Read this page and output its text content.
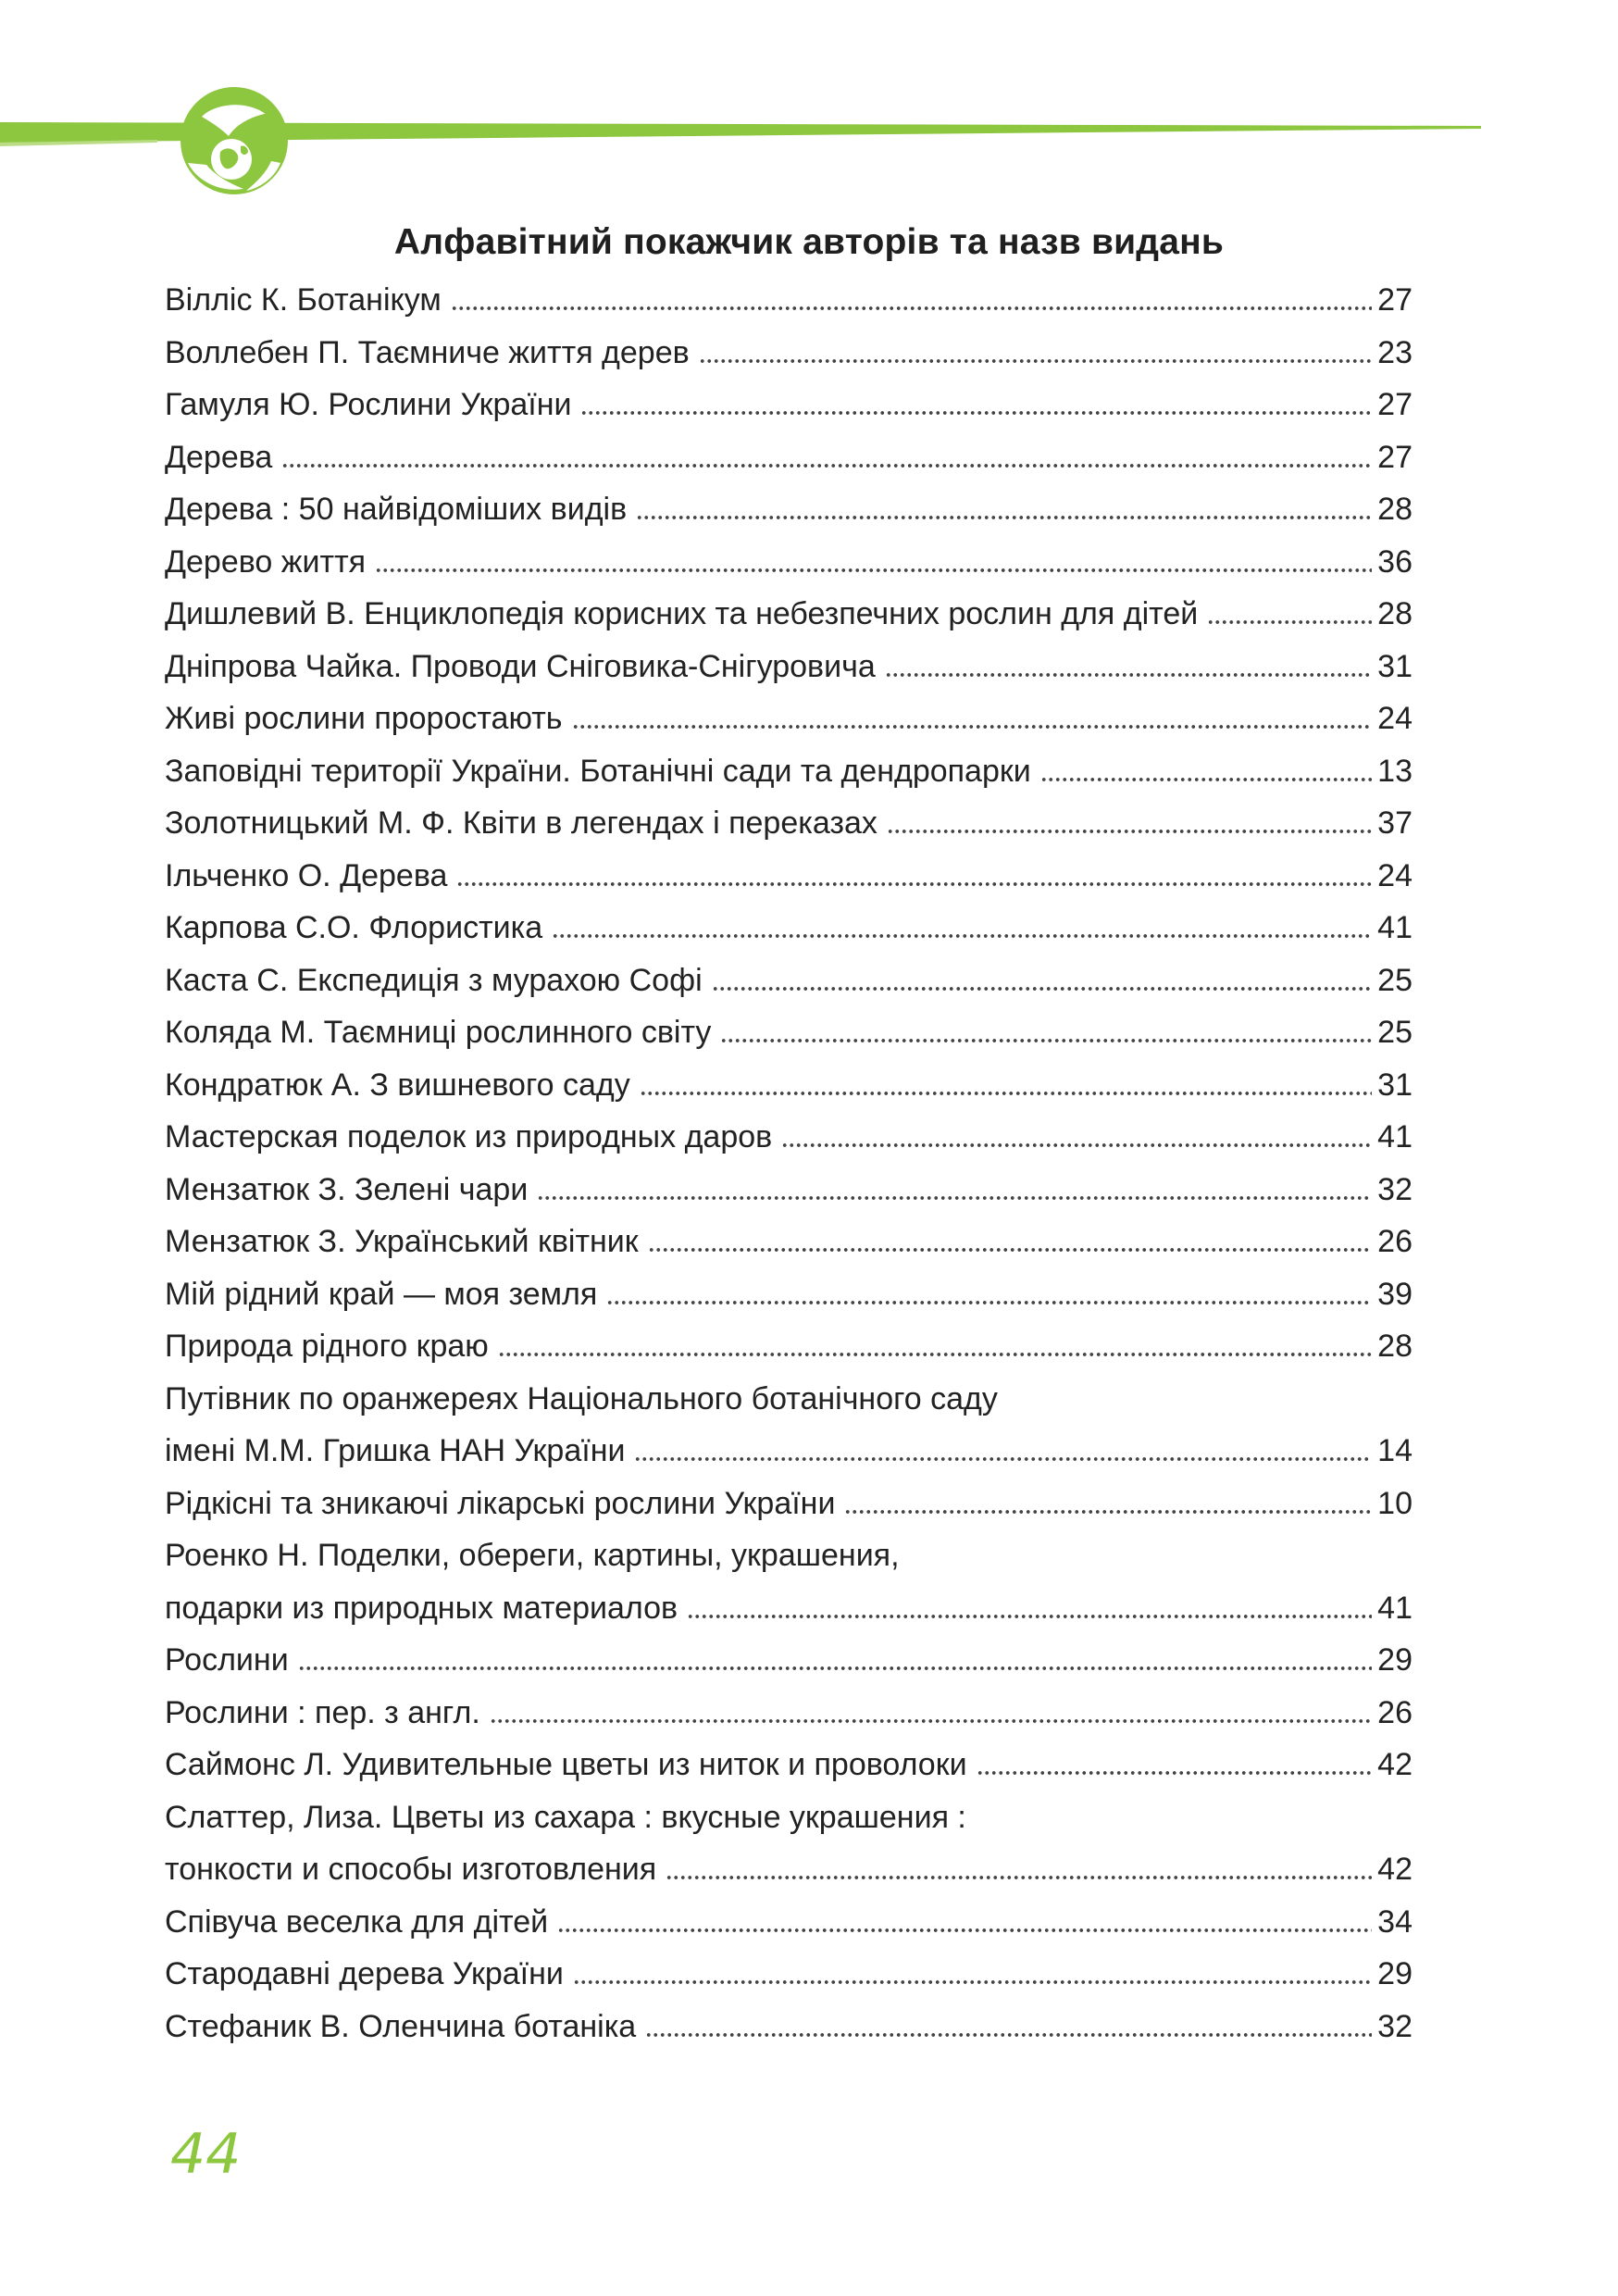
Алфавітний покажчик авторів та назв видань
Вілліс К. Ботанікум	27
Воллебен П. Таємниче життя дерев	23
Гамуля Ю. Рослини України	27
Дерева	27
Дерева : 50 найвідоміших видів	28
Дерево життя	36
Дишлевий В. Енциклопедія корисних та небезпечних рослин для дітей	28
Дніпрова Чайка. Проводи Сніговика-Снігуровича	31
Живі рослини проростають	24
Заповідні території України. Ботанічні сади та дендропарки	13
Золотницький М. Ф. Квіти в легендах і переказах	37
Ільченко О. Дерева	24
Карпова С.О. Флористика	41
Каста С. Експедиція з мурахою Софі	25
Коляда М. Таємниці рослинного світу	25
Кондратюк А. З вишневого саду	31
Мастерская поделок из природных даров	41
Мензатюк З. Зелені чари	32
Мензатюк З. Український квітник	26
Мій рідний край — моя земля	39
Природа рідного краю	28
Путівник по оранжереях Національного ботанічного саду
імені М.М. Гришка НАН України	14
Рідкісні та зникаючі лікарські рослини України	10
Роенко Н. Поделки, обереги, картины, украшения,
подарки из природных материалов	41
Рослини	29
Рослини : пер. з англ.	26
Саймонс Л. Удивительные цветы из ниток и проволоки	42
Слаттер, Лиза. Цветы из сахара : вкусные украшения :
тонкости и способы изготовления	42
Співуча веселка для дітей	34
Стародавні дерева України	29
Стефаник В. Оленчина ботаніка	32
44
